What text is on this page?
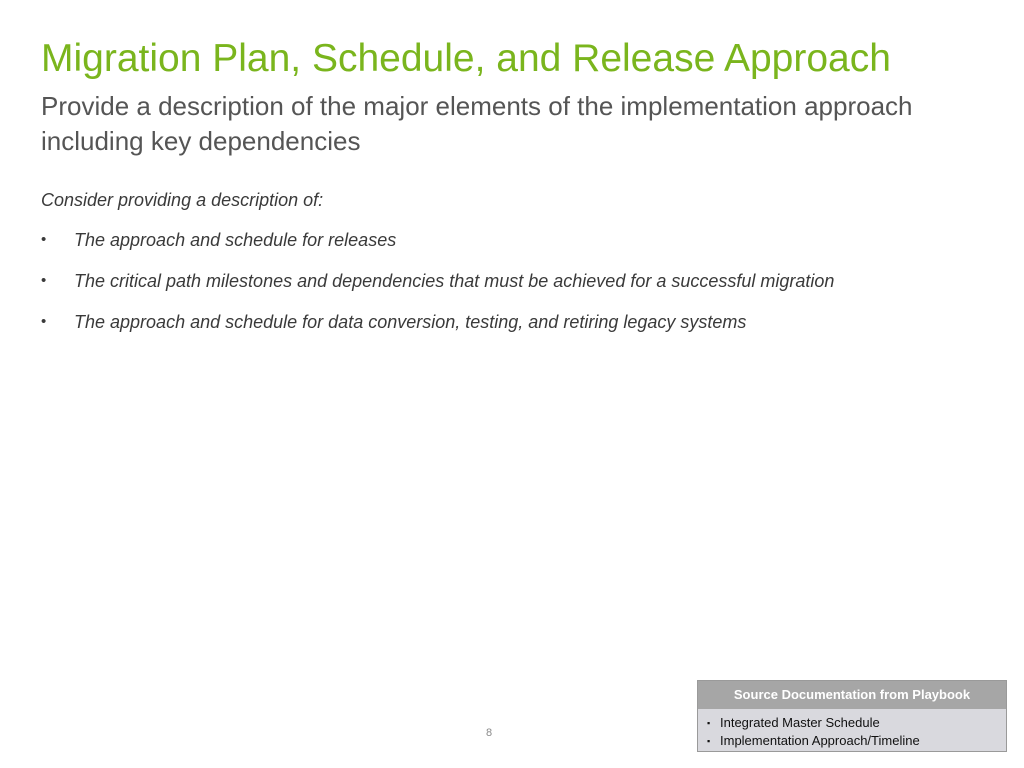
Migration Plan, Schedule, and Release Approach
Provide a description of the major elements of the implementation approach including key dependencies

Consider providing a description of:

• The approach and schedule for releases
• The critical path milestones and dependencies that must be achieved for a successful migration
• The approach and schedule for data conversion, testing, and retiring legacy systems
8
Source Documentation from Playbook
▪ Integrated Master Schedule
▪ Implementation Approach/Timeline
